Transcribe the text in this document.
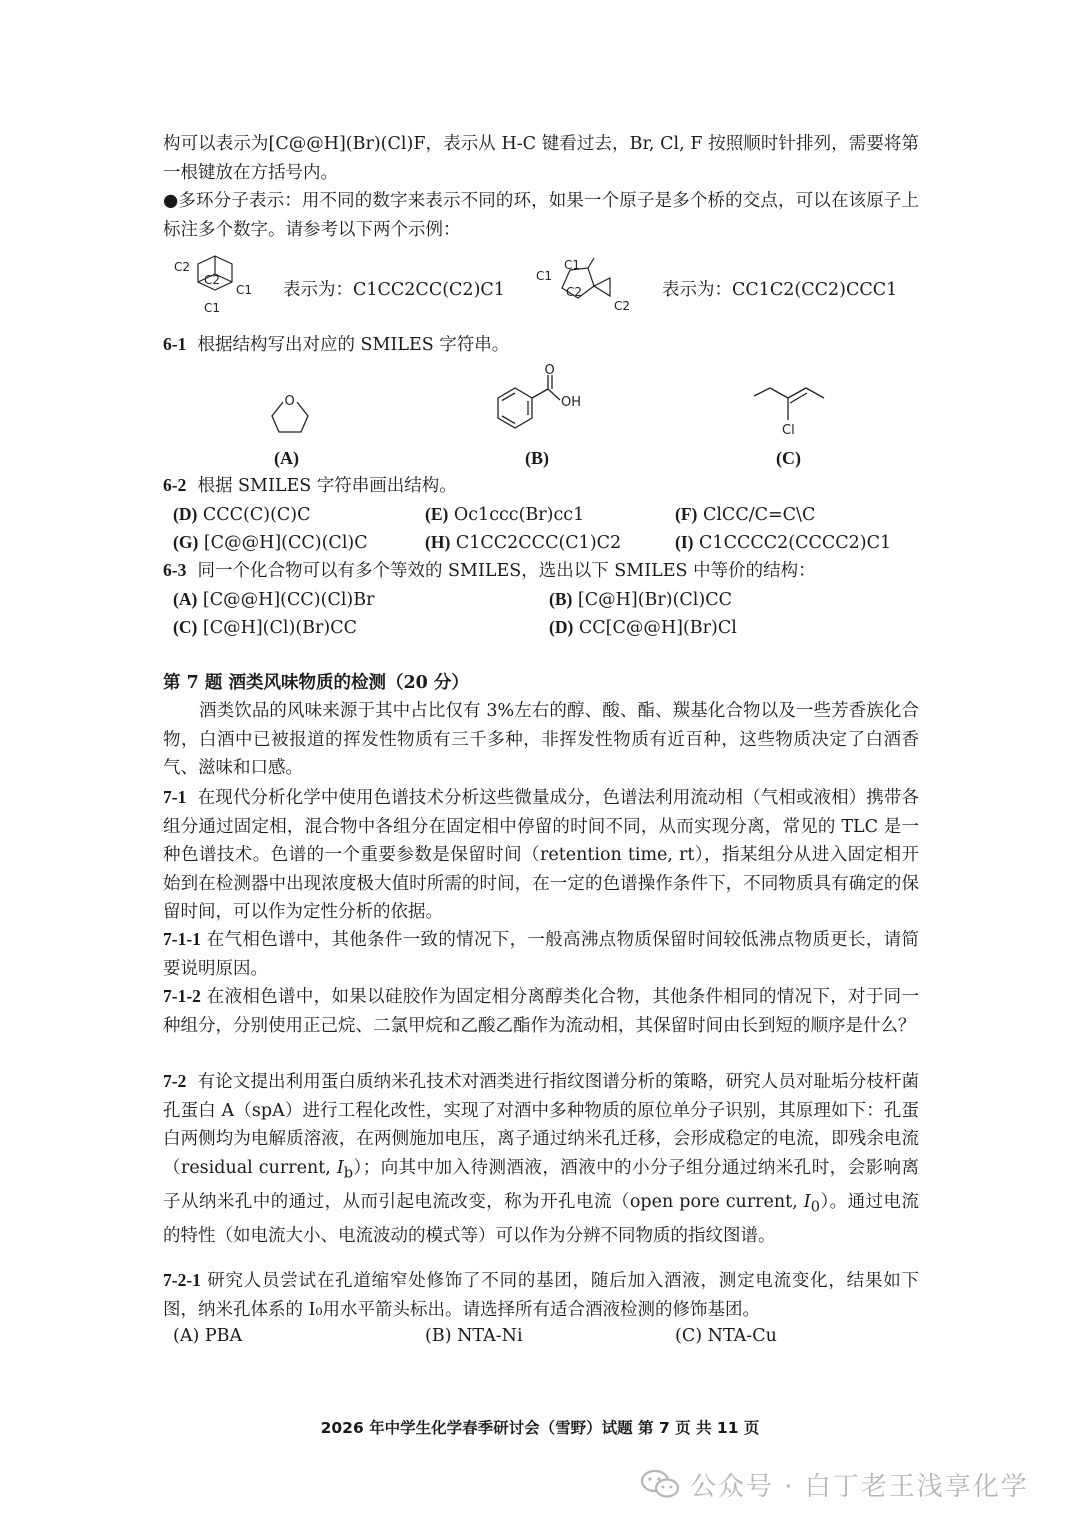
构可以表示为[C@@H](Br)(Cl)F，表示从 H-C 键看过去，Br, Cl, F 按照顺时针排列，需要将第一根键放在方括号内。

●多环分子表示：用不同的数字来表示不同的环，如果一个原子是多个桥的交点，可以在该原子上标注多个数字。请参考以下两个示例：

C2
C2
C1
C1
表示为：C1CC2CC(C2)C1
C1
C1
C2
C2
表示为：CC1C2(CC2)CCC1
6-1 根据结构写出对应的 SMILES 字符串。
O
(A)
O
OH
(B)
Cl
(C)
6-2 根据 SMILES 字符串画出结构。
(D) CCC(C)(C)C	(E) Oc1ccc(Br)cc1	(F) ClCC/C=C\C
(G) [C@@H](CC)(Cl)C	(H) C1CC2CCC(C1)C2	(I) C1CCCC2(CCCC2)C1
6-3 同一个化合物可以有多个等效的 SMILES，选出以下 SMILES 中等价的结构：
(A) [C@@H](CC)(Cl)Br	(B) [C@H](Br)(Cl)CC
(C) [C@H](Cl)(Br)CC	(D) CC[C@@H](Br)Cl
第 7 题 酒类风味物质的检测（20 分）

酒类饮品的风味来源于其中占比仅有 3%左右的醇、酸、酯、羰基化合物以及一些芳香族化合物，白酒中已被报道的挥发性物质有三千多种，非挥发性物质有近百种，这些物质决定了白酒香气、滋味和口感。

7-1 在现代分析化学中使用色谱技术分析这些微量成分，色谱法利用流动相（气相或液相）携带各组分通过固定相，混合物中各组分在固定相中停留的时间不同，从而实现分离，常见的 TLC 是一种色谱技术。色谱的一个重要参数是保留时间（retention time, rt），指某组分从进入固定相开始到在检测器中出现浓度极大值时所需的时间，在一定的色谱操作条件下，不同物质具有确定的保留时间，可以作为定性分析的依据。

7-1-1 在气相色谱中，其他条件一致的情况下，一般高沸点物质保留时间较低沸点物质更长，请简要说明原因。

7-1-2 在液相色谱中，如果以硅胶作为固定相分离醇类化合物，其他条件相同的情况下，对于同一种组分，分别使用正己烷、二氯甲烷和乙酸乙酯作为流动相，其保留时间由长到短的顺序是什么？

7-2 有论文提出利用蛋白质纳米孔技术对酒类进行指纹图谱分析的策略，研究人员对耻垢分枝杆菌孔蛋白 A（spA）进行工程化改性，实现了对酒中多种物质的原位单分子识别，其原理如下：孔蛋白两侧均为电解质溶液，在两侧施加电压，离子通过纳米孔迁移，会形成稳定的电流，即残余电流（residual current, $I_b$）；向其中加入待测酒液，酒液中的小分子组分通过纳米孔时，会影响离子从纳米孔中的通过，从而引起电流改变，称为开孔电流（open pore current, $I_0$）。通过电流的特性（如电流大小、电流波动的模式等）可以作为分辨不同物质的指纹图谱。

7-2-1 研究人员尝试在孔道缩窄处修饰了不同的基团，随后加入酒液，测定电流变化，结果如下图，纳米孔体系的 I₀用水平箭头标出。请选择所有适合酒液检测的修饰基团。

(A) PBA	(B) NTA-Ni	(C) NTA-Cu
2026 年中学生化学春季研讨会（雪野）试题 第 7 页 共 11 页
公众号 · 白丁老王浅享化学
